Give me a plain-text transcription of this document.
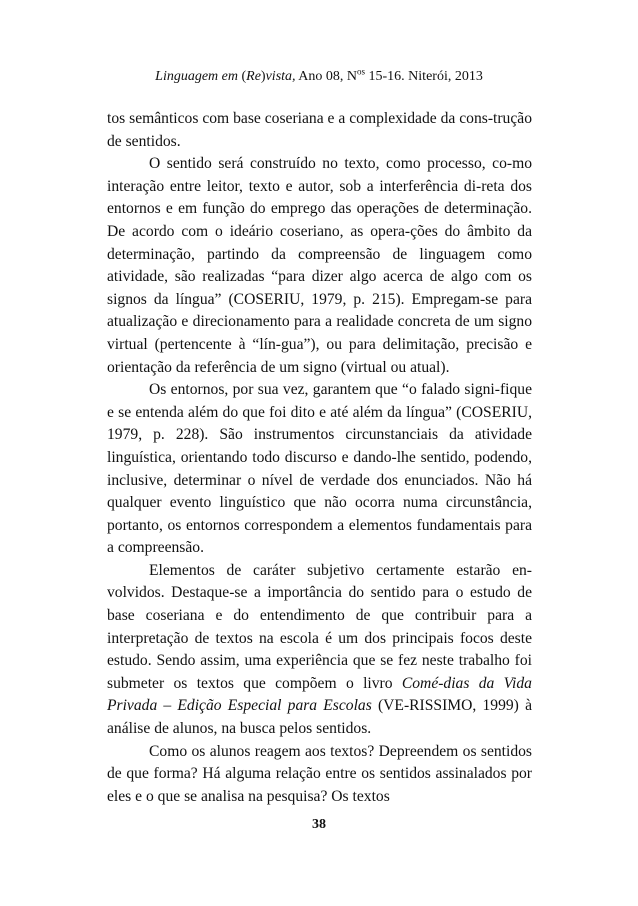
Linguagem em (Re)vista, Ano 08, $N^{os}$ 15-16. Niterói, 2013

tos semânticos com base coseriana e a complexidade da cons-trução de sentidos.

O sentido será construído no texto, como processo, co-mo interação entre leitor, texto e autor, sob a interferência di-reta dos entornos e em função do emprego das operações de determinação. De acordo com o ideário coseriano, as opera-ções do âmbito da determinação, partindo da compreensão de linguagem como atividade, são realizadas “para dizer algo acerca de algo com os signos da língua” (COSERIU, 1979, p. 215). Empregam-se para atualização e direcionamento para a realidade concreta de um signo virtual (pertencente à “lín-gua”), ou para delimitação, precisão e orientação da referência de um signo (virtual ou atual).

Os entornos, por sua vez, garantem que “o falado signi-fique e se entenda além do que foi dito e até além da língua” (COSERIU, 1979, p. 228). São instrumentos circunstanciais da atividade linguística, orientando todo discurso e dando-lhe sentido, podendo, inclusive, determinar o nível de verdade dos enunciados. Não há qualquer evento linguístico que não ocorra numa circunstância, portanto, os entornos correspondem a elementos fundamentais para a compreensão.

Elementos de caráter subjetivo certamente estarão en-volvidos. Destaque-se a importância do sentido para o estudo de base coseriana e do entendimento de que contribuir para a interpretação de textos na escola é um dos principais focos deste estudo. Sendo assim, uma experiência que se fez neste trabalho foi submeter os textos que compõem o livro Comé-dias da Vida Privada – Edição Especial para Escolas (VE-RISSIMO, 1999) à análise de alunos, na busca pelos sentidos.

Como os alunos reagem aos textos? Depreendem os sentidos de que forma? Há alguma relação entre os sentidos assinalados por eles e o que se analisa na pesquisa? Os textos

38
